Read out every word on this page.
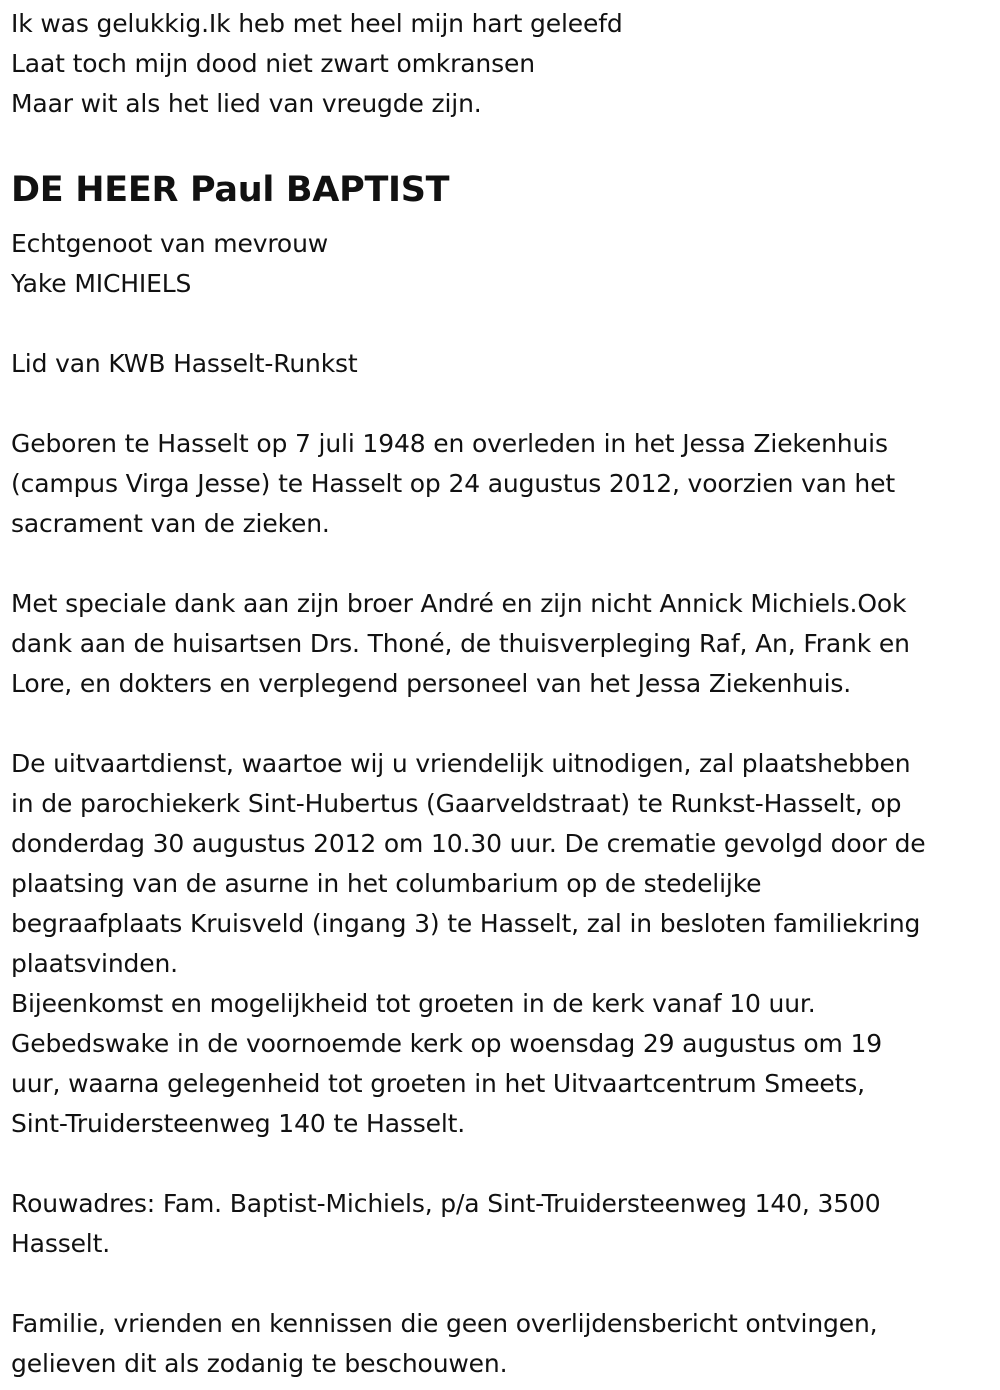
Ik was gelukkig.Ik heb met heel mijn hart geleefd
Laat toch mijn dood niet zwart omkransen
Maar wit als het lied van vreugde zijn.
DE HEER Paul BAPTIST
Echtgenoot van mevrouw
Yake MICHIELS
Lid van KWB Hasselt-Runkst
Geboren te Hasselt op 7 juli 1948 en overleden in het Jessa Ziekenhuis
(campus Virga Jesse) te Hasselt op 24 augustus 2012, voorzien van het
sacrament van de zieken.
Met speciale dank aan zijn broer André en zijn nicht Annick Michiels.Ook
dank aan de huisartsen Drs. Thoné, de thuisverpleging Raf, An, Frank en
Lore, en dokters en verplegend personeel van het Jessa Ziekenhuis.
De uitvaartdienst, waartoe wij u vriendelijk uitnodigen, zal plaatshebben
in de parochiekerk Sint-Hubertus (Gaarveldstraat) te Runkst-Hasselt, op
donderdag 30 augustus 2012 om 10.30 uur. De crematie gevolgd door de
plaatsing van de asurne in het columbarium op de stedelijke
begraafplaats Kruisveld (ingang 3) te Hasselt, zal in besloten familiekring
plaatsvinden.
Bijeenkomst en mogelijkheid tot groeten in de kerk vanaf 10 uur.
Gebedswake in de voornoemde kerk op woensdag 29 augustus om 19
uur, waarna gelegenheid tot groeten in het Uitvaartcentrum Smeets,
Sint-Truidersteenweg 140 te Hasselt.
Rouwadres: Fam. Baptist-Michiels, p/a Sint-Truidersteenweg 140, 3500
Hasselt.
Familie, vrienden en kennissen die geen overlijdensbericht ontvingen,
gelieven dit als zodanig te beschouwen.
